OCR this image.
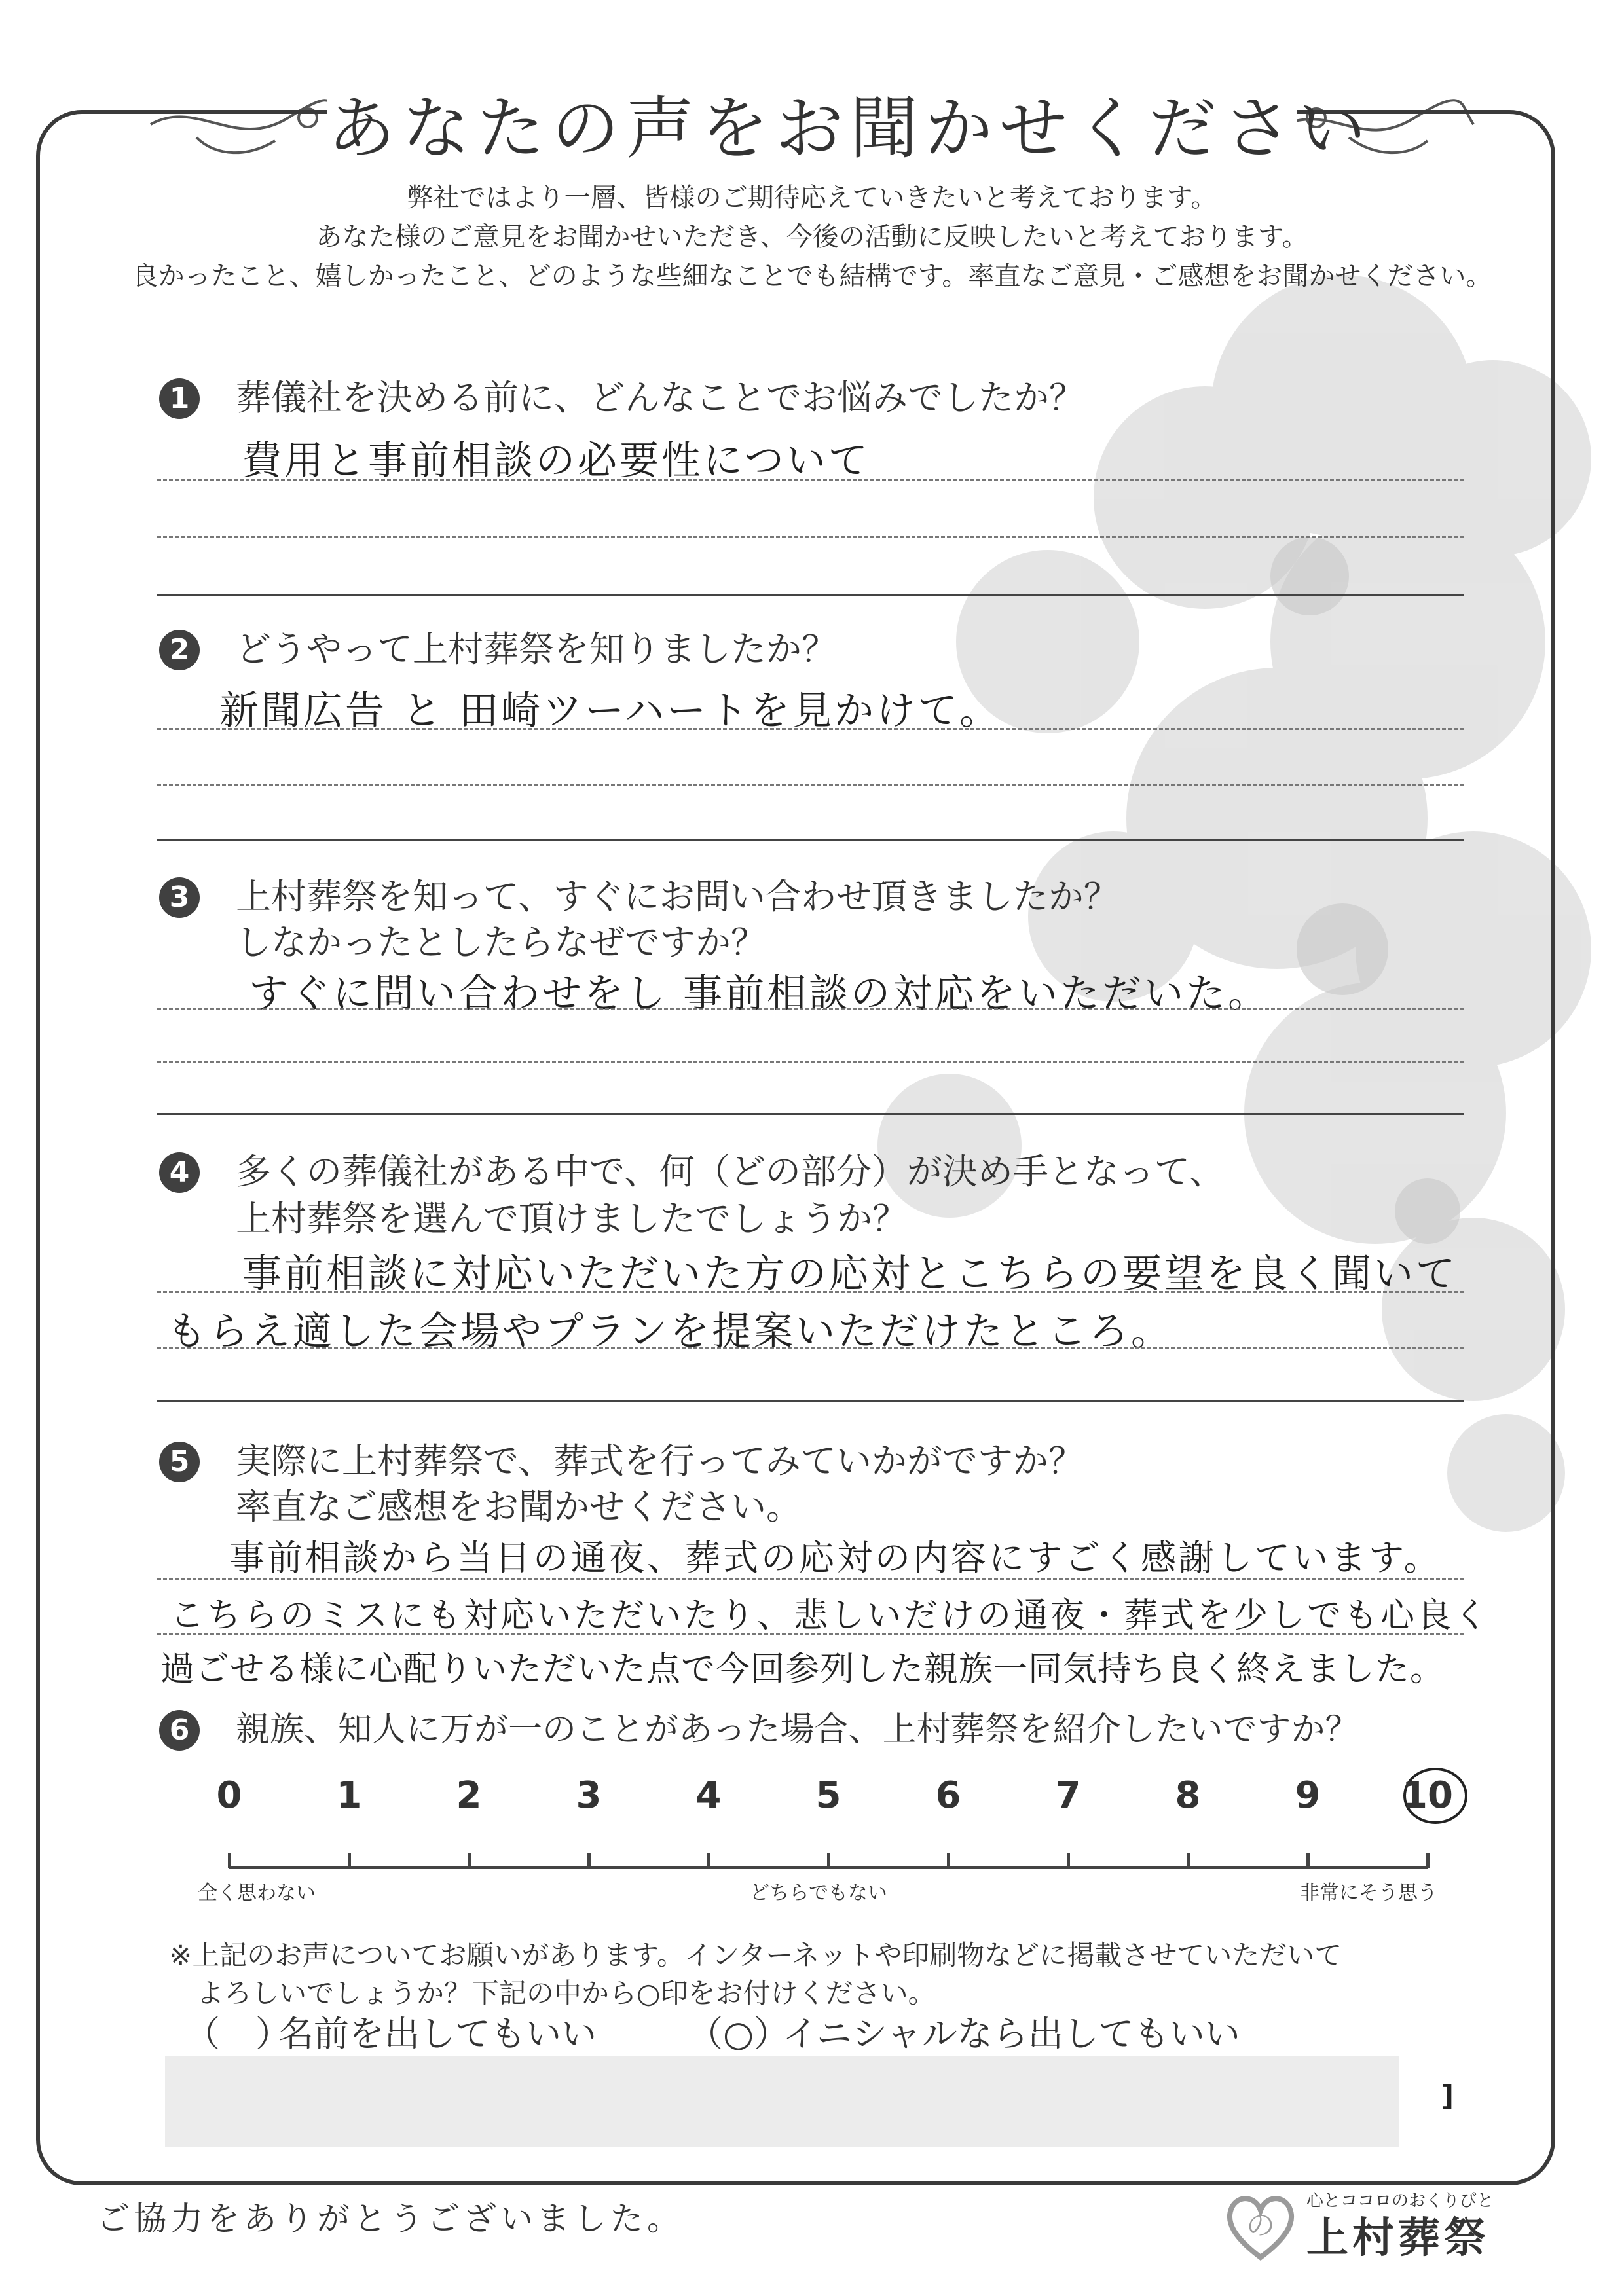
あなたの声をお聞かせください
弊社ではより一層、皆様のご期待応えていきたいと考えております。
あなた様のご意見をお聞かせいただき、今後の活動に反映したいと考えております。
良かったこと、嬉しかったこと、どのような些細なことでも結構です。率直なご意見・ご感想をお聞かせください。
1 葬儀社を決める前に、どんなことでお悩みでしたか？
費用と事前相談の必要性について
2 どうやって上村葬祭を知りましたか？
新聞広告 と 田崎ツーハートを見かけて。
3 上村葬祭を知って、すぐにお問い合わせ頂きましたか？
しなかったとしたらなぜですか？
すぐに問い合わせをし 事前相談の対応をいただいた。
4 多くの葬儀社がある中で、何（どの部分）が決め手となって、
上村葬祭を選んで頂けましたでしょうか？
事前相談に対応いただいた方の応対とこちらの要望を良く聞いて
もらえ適した会場やプランを提案いただけたところ。
5 実際に上村葬祭で、葬式を行ってみていかがですか？
率直なご感想をお聞かせください。
事前相談から当日の通夜、葬式の応対の内容にすごく感謝しています。
こちらのミスにも対応いただいたり、悲しいだけの通夜・葬式を少しでも心良く
過ごせる様に心配りいただいた点で今回参列した親族一同気持ち良く終えました。
6	親族、知人に万が一のことがあった場合、上村葬祭を紹介したいですか？
全く思わない	どちらでもない	非常にそう思う
※上記のお声についてお願いがあります。インターネットや印刷物などに掲載させていただいて
　よろしいでしょうか？下記の中から○印をお付けください。
（　）
名前を出してもいい	（○）
イニシャルなら出してもいい
]
ご協力をありがとうございました。	の
心とココロのおくりびと
上村葬祭
0	1	2	3	4	5	6	7	8	9	10
